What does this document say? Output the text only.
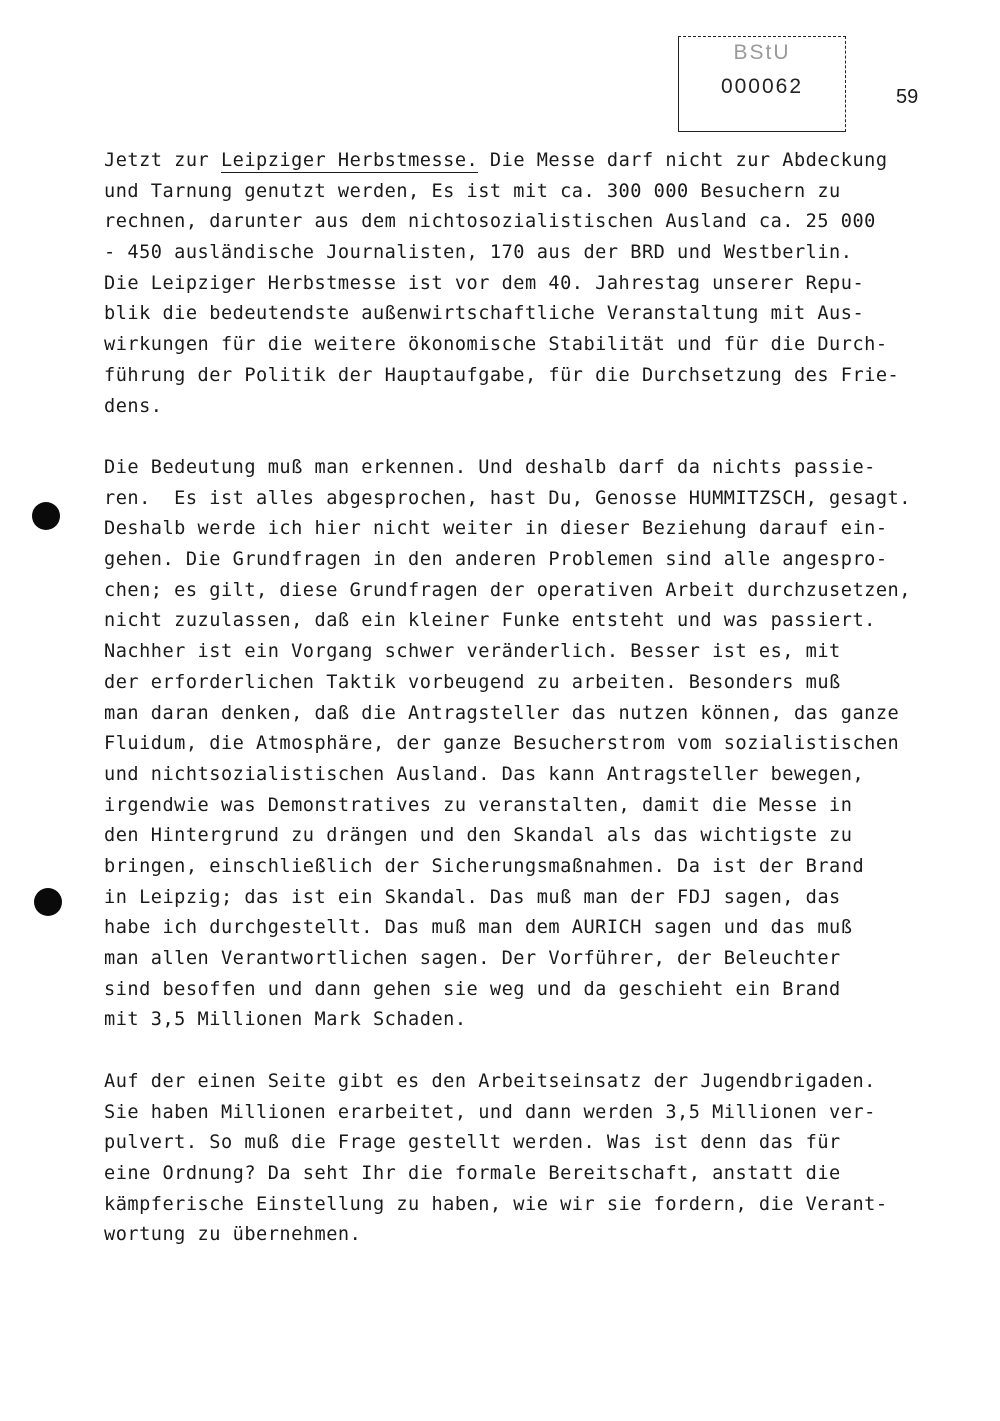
BStU
000062	59
Jetzt zur Leipziger Herbstmesse. Die Messe darf nicht zur Abdeckung
und Tarnung genutzt werden, Es ist mit ca. 300 000 Besuchern zu
rechnen, darunter aus dem nichtosozialistischen Ausland ca. 25 000
- 450 ausländische Journalisten, 170 aus der BRD und Westberlin.
Die Leipziger Herbstmesse ist vor dem 40. Jahrestag unserer Repu-
blik die bedeutendste außenwirtschaftliche Veranstaltung mit Aus-
wirkungen für die weitere ökonomische Stabilität und für die Durch-
führung der Politik der Hauptaufgabe, für die Durchsetzung des Frie-
dens.
Die Bedeutung muß man erkennen. Und deshalb darf da nichts passie-
ren.  Es ist alles abgesprochen, hast Du, Genosse HUMMITZSCH, gesagt.
Deshalb werde ich hier nicht weiter in dieser Beziehung darauf ein-
gehen. Die Grundfragen in den anderen Problemen sind alle angespro-
chen; es gilt, diese Grundfragen der operativen Arbeit durchzusetzen,
nicht zuzulassen, daß ein kleiner Funke entsteht und was passiert.
Nachher ist ein Vorgang schwer veränderlich. Besser ist es, mit
der erforderlichen Taktik vorbeugend zu arbeiten. Besonders muß
man daran denken, daß die Antragsteller das nutzen können, das ganze
Fluidum, die Atmosphäre, der ganze Besucherstrom vom sozialistischen
und nichtsozialistischen Ausland. Das kann Antragsteller bewegen,
irgendwie was Demonstratives zu veranstalten, damit die Messe in
den Hintergrund zu drängen und den Skandal als das wichtigste zu
bringen, einschließlich der Sicherungsmaßnahmen. Da ist der Brand
in Leipzig; das ist ein Skandal. Das muß man der FDJ sagen, das
habe ich durchgestellt. Das muß man dem AURICH sagen und das muß
man allen Verantwortlichen sagen. Der Vorführer, der Beleuchter
sind besoffen und dann gehen sie weg und da geschieht ein Brand
mit 3,5 Millionen Mark Schaden.
Auf der einen Seite gibt es den Arbeitseinsatz der Jugendbrigaden.
Sie haben Millionen erarbeitet, und dann werden 3,5 Millionen ver-
pulvert. So muß die Frage gestellt werden. Was ist denn das für
eine Ordnung? Da seht Ihr die formale Bereitschaft, anstatt die
kämpferische Einstellung zu haben, wie wir sie fordern, die Verant-
wortung zu übernehmen.
